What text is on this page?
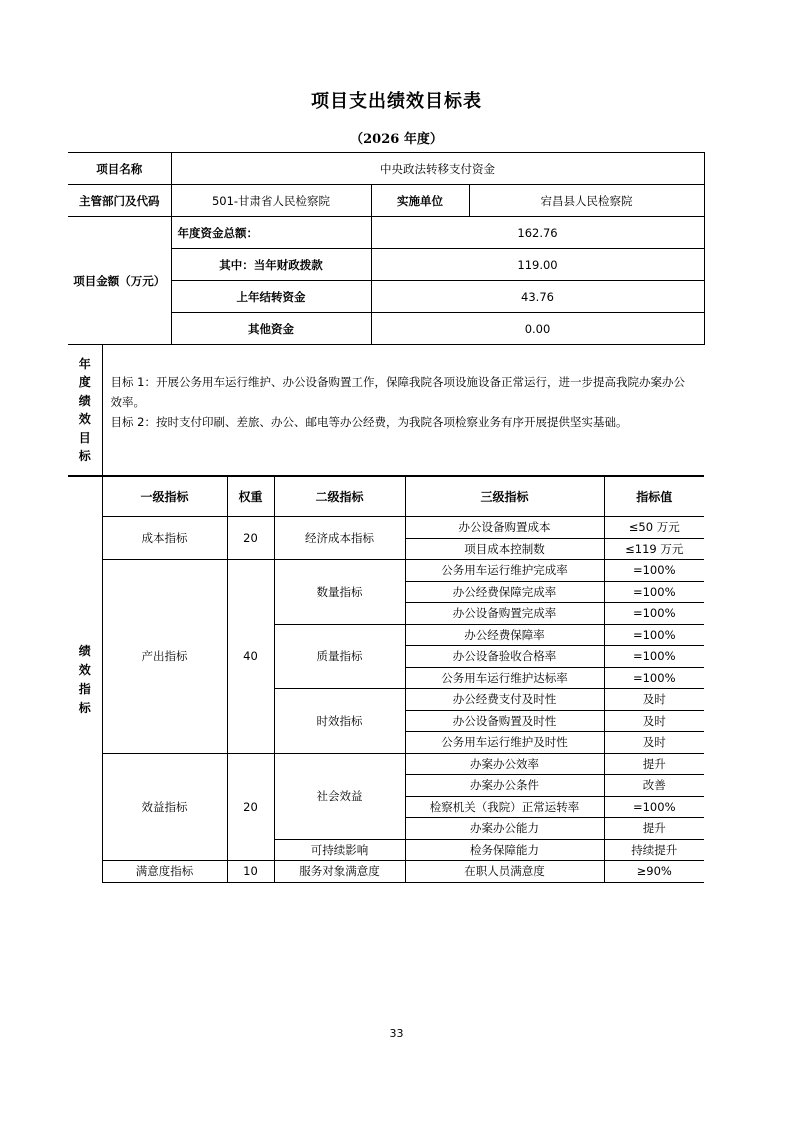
项目支出绩效目标表
（2026 年度）
项目名称	中央政法转移支付资金		
主管部门及代码	501-甘肃省人民检察院	实施单位	宕昌县人民检察院
项目金额（万元）	年度资金总额：	162.76	
	其中：当年财政拨款	119.00	
	上年结转资金	43.76	
	其他资金	0.00	
年
度
绩
效
目
标

目标 1：开展公务用车运行维护、办公设备购置工作，保障我院各项设施设备正常运行，进一步提高我院办案办公效率。
目标 2：按时支付印刷、差旅、办公、邮电等办公经费，为我院各项检察业务有序开展提供坚实基础。
绩
效
指
标	一级指标	权重	二级指标	三级指标	指标值
	成本指标	20	经济成本指标	办公设备购置成本	≤50 万元
				项目成本控制数	≤119 万元
	产出指标	40	数量指标	公务用车运行维护完成率	=100%
				办公经费保障完成率	=100%
				办公设备购置完成率	=100%
			质量指标	办公经费保障率	=100%
				办公设备验收合格率	=100%
				公务用车运行维护达标率	=100%
			时效指标	办公经费支付及时性	及时
				办公设备购置及时性	及时
				公务用车运行维护及时性	及时
	效益指标	20	社会效益	办案办公效率	提升
				办案办公条件	改善
				检察机关（我院）正常运转率	=100%
				办案办公能力	提升
			可持续影响	检务保障能力	持续提升
	满意度指标	10	服务对象满意度	在职人员满意度	≥90%
33
